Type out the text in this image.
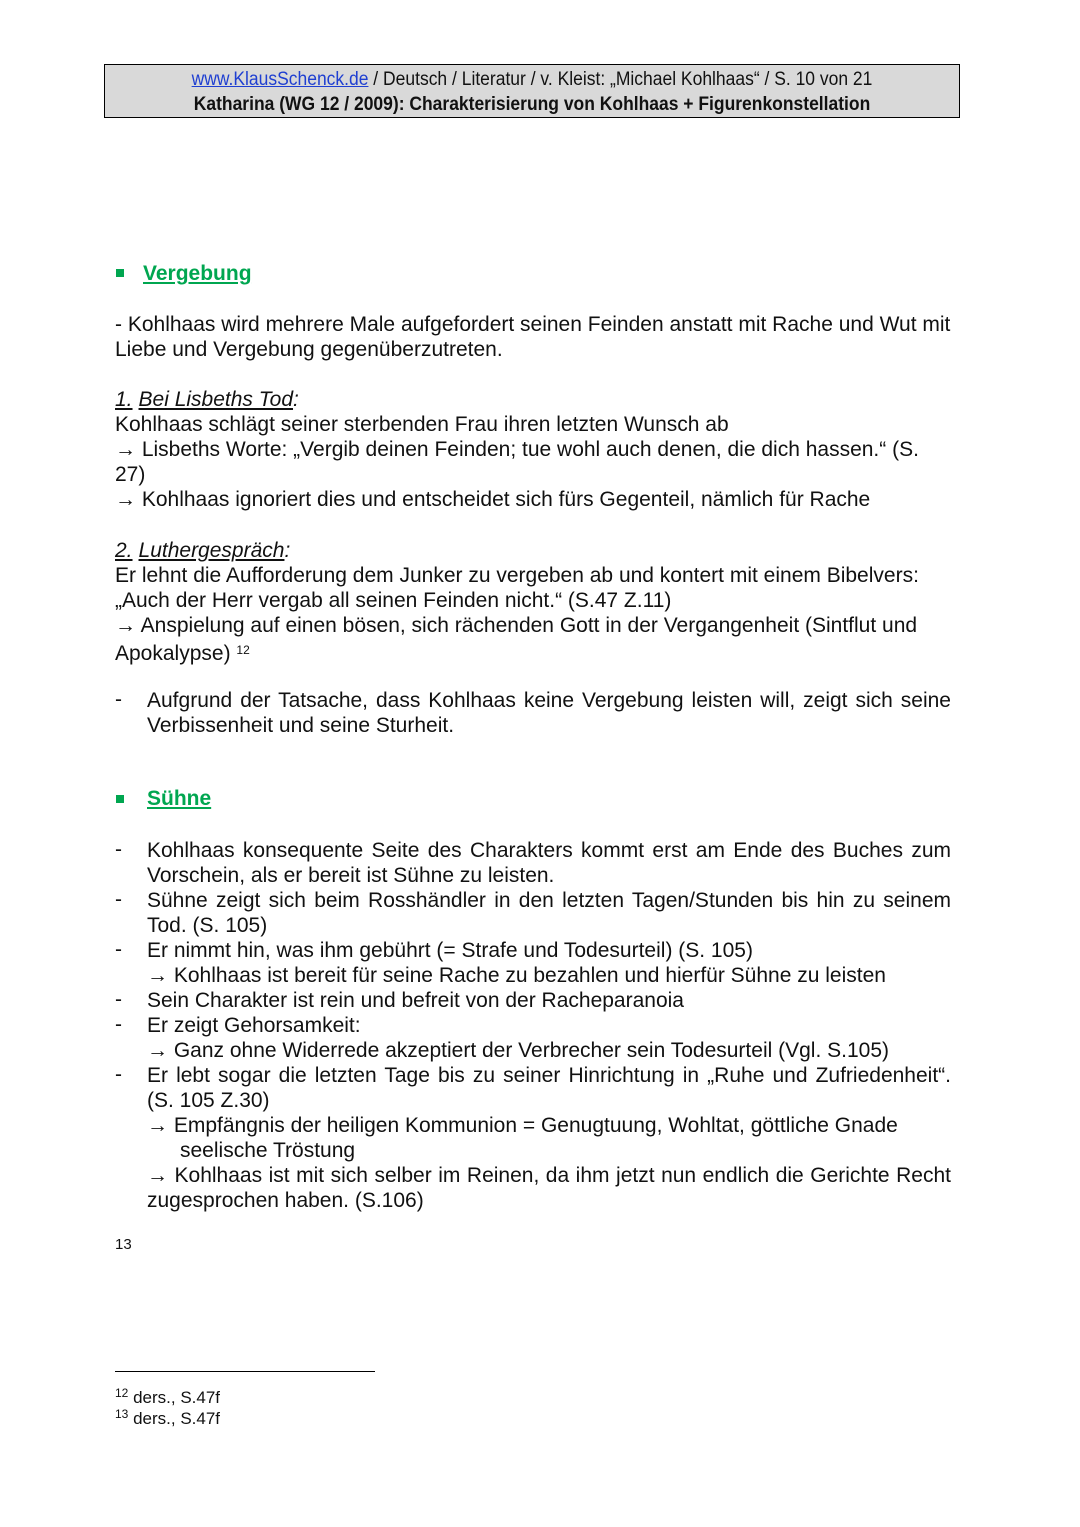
www.KlausSchenck.de / Deutsch / Literatur / v. Kleist: „Michael Kohlhaas“ / S. 10 von 21
Katharina (WG 12 / 2009): Charakterisierung von Kohlhaas + Figurenkonstellation
Vergebung
- Kohlhaas wird mehrere Male aufgefordert seinen Feinden anstatt mit Rache und Wut mit Liebe und Vergebung gegenüberzutreten.
1. Bei Lisbeths Tod:
Kohlhaas schlägt seiner sterbenden Frau ihren letzten Wunsch ab
→ Lisbeths Worte: „Vergib deinen Feinden; tue wohl auch denen, die dich hassen.“ (S. 27)
→ Kohlhaas ignoriert dies und entscheidet sich fürs Gegenteil, nämlich für Rache
2. Luthergespräch:
Er lehnt die Aufforderung dem Junker zu vergeben ab und kontert mit einem Bibelvers: „Auch der Herr vergab all seinen Feinden nicht.“ (S.47 Z.11)
→ Anspielung auf einen bösen, sich rächenden Gott in der Vergangenheit (Sintflut und Apokalypse) $^{12}$
- Aufgrund der Tatsache, dass Kohlhaas keine Vergebung leisten will, zeigt sich seine Verbissenheit und seine Sturheit.
Sühne
- Kohlhaas konsequente Seite des Charakters kommt erst am Ende des Buches zum Vorschein, als er bereit ist Sühne zu leisten.
- Sühne zeigt sich beim Rosshändler in den letzten Tagen/Stunden bis hin zu seinem Tod. (S. 105)
- Er nimmt hin, was ihm gebührt (= Strafe und Todesurteil) (S. 105)
→ Kohlhaas ist bereit für seine Rache zu bezahlen und hierfür Sühne zu leisten
- Sein Charakter ist rein und befreit von der Racheparanoia
- Er zeigt Gehorsamkeit:
→ Ganz ohne Widerrede akzeptiert der Verbrecher sein Todesurteil (Vgl. S.105)
- Er lebt sogar die letzten Tage bis zu seiner Hinrichtung in „Ruhe und Zufriedenheit“. (S. 105 Z.30)
→ Empfängnis der heiligen Kommunion = Genugtuung, Wohltat, göttliche Gnade
seelische Tröstung
→ Kohlhaas ist mit sich selber im Reinen, da ihm jetzt nun endlich die Gerichte Recht zugesprochen haben. (S.106)
13
$^{12}$ ders., S.47f
$^{13}$ ders., S.47f
